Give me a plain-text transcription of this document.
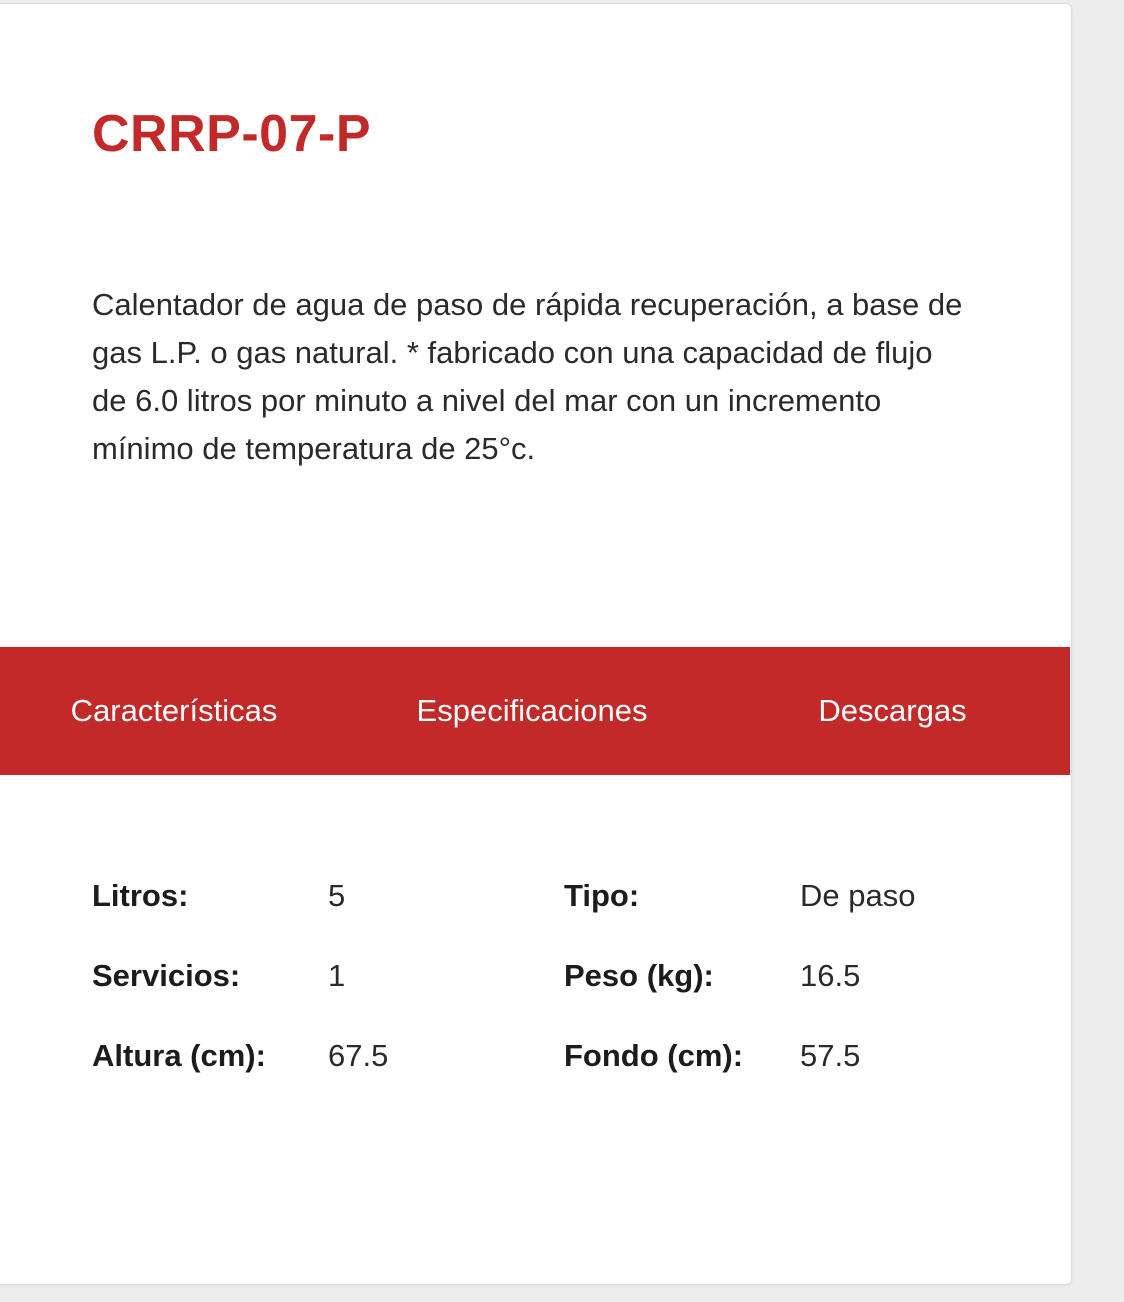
CRRP-07-P

Calentador de agua de paso de rápida recuperación, a base de gas L.P. o gas natural. * fabricado con una capacidad de flujo de 6.0 litros por minuto a nivel del mar con un incremento mínimo de temperatura de 25°c.

Características	Especificaciones	Descargas
Litros:	5	Tipo:	De paso
Servicios:	1	Peso (kg):	16.5
Altura (cm):	67.5	Fondo (cm):	57.5
